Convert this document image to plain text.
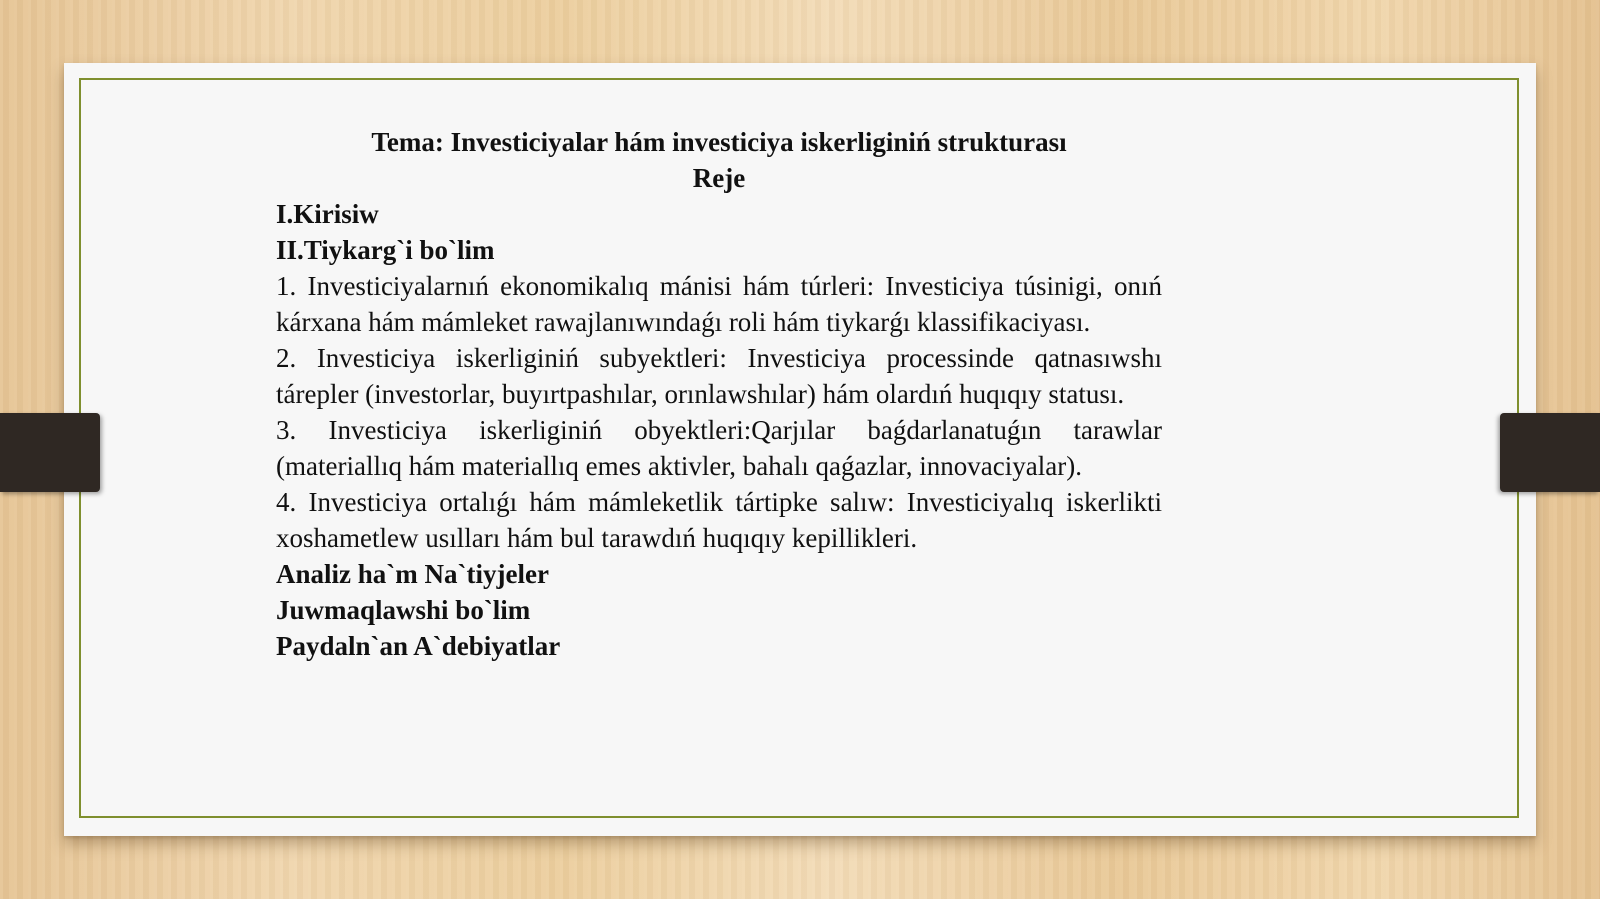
Tema: Investiciyalar hám investiciya iskerliginiń strukturası

Reje

I.Kirisiw

II.Tiykarg`i bo`lim

1. Investiciyalarnıń ekonomikalıq mánisi hám túrleri: Investiciya túsinigi, onıń kárxana hám mámleket rawajlanıwındaǵı roli hám tiykarǵı klassifikaciyası.

2. Investiciya iskerliginiń subyektleri: Investiciya processinde qatnasıwshı tárepler (investorlar, buyırtpashılar, orınlawshılar) hám olardıń huqıqıy statusı.

3. Investiciya iskerliginiń obyektleri:Qarjılar baǵdarlanatuǵın tarawlar (materiallıq hám materiallıq emes aktivler, bahalı qaǵazlar, innovaciyalar).

4. Investiciya ortalıǵı hám mámleketlik tártipke salıw: Investiciyalıq iskerlikti xoshametlew usılları hám bul tarawdıń huqıqıy kepillikleri.

Analiz ha`m Na`tiyjeler

Juwmaqlawshi bo`lim

Paydaln`an A`debiyatlar
